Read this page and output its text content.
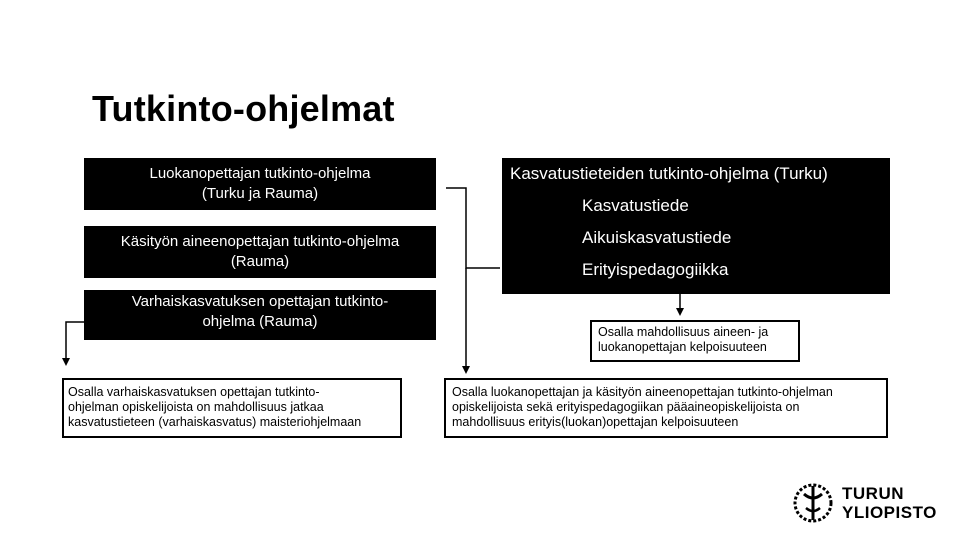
Tutkinto-ohjelmat
Luokanopettajan tutkinto-ohjelma
(Turku ja Rauma)
Käsityön aineenopettajan tutkinto-ohjelma
(Rauma)
Varhaiskasvatuksen opettajan tutkinto-
ohjelma (Rauma)
Kasvatustieteiden tutkinto-ohjelma (Turku)
Kasvatustiede
Aikuiskasvatustiede
Erityispedagogiikka
Osalla mahdollisuus aineen- ja
luokanopettajan kelpoisuuteen
Osalla varhaiskasvatuksen opettajan tutkinto-
ohjelman opiskelijoista on mahdollisuus jatkaa
kasvatustieteen (varhaiskasvatus) maisteriohjelmaan
Osalla luokanopettajan ja käsityön aineenopettajan tutkinto-ohjelman
opiskelijoista sekä erityispedagogiikan pääaineopiskelijoista on
mahdollisuus erityis(luokan)opettajan kelpoisuuteen
TURUN
YLIOPISTO
